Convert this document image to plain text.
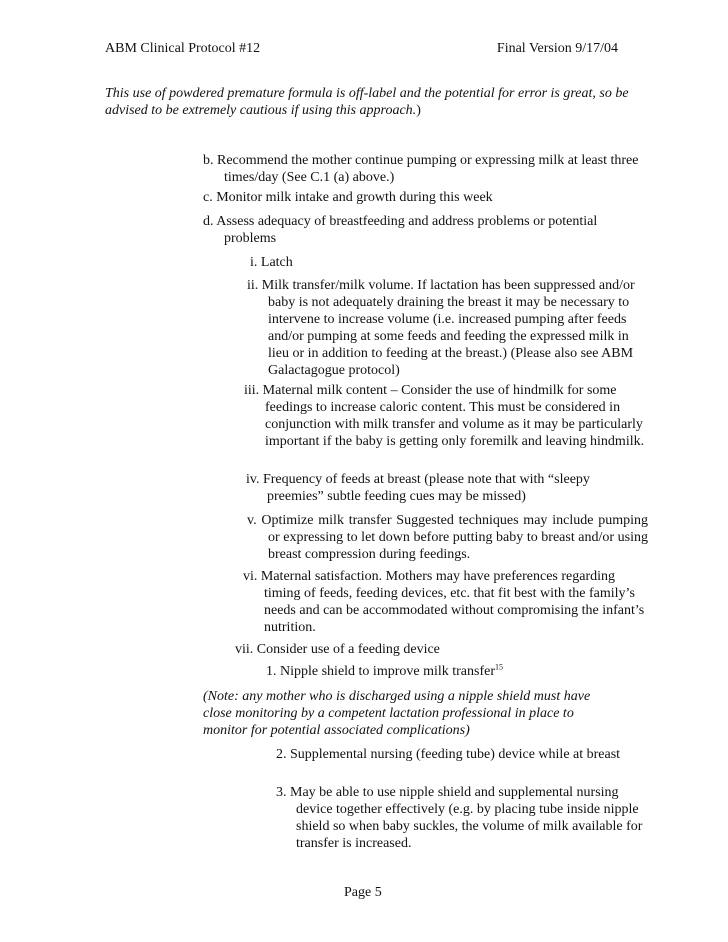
ABM Clinical Protocol #12	Final Version 9/17/04
This use of powdered premature formula is off-label and the potential for error is great, so be advised to be extremely cautious if using this approach.)
b. Recommend the mother continue pumping or expressing milk at least three times/day (See C.1 (a) above.)
c. Monitor milk intake and growth during this week
d. Assess adequacy of breastfeeding and address problems or potential problems
i. Latch
ii. Milk transfer/milk volume. If lactation has been suppressed and/or baby is not adequately draining the breast it may be necessary to intervene to increase volume (i.e. increased pumping after feeds and/or pumping at some feeds and feeding the expressed milk in lieu or in addition to feeding at the breast.) (Please also see ABM Galactagogue protocol)
iii. Maternal milk content – Consider the use of hindmilk for some feedings to increase caloric content. This must be considered in conjunction with milk transfer and volume as it may be particularly important if the baby is getting only foremilk and leaving hindmilk.
iv. Frequency of feeds at breast (please note that with “sleepy preemies” subtle feeding cues may be missed)
v. Optimize milk transfer Suggested techniques may include pumping or expressing to let down before putting baby to breast and/or using breast compression during feedings.
vi. Maternal satisfaction. Mothers may have preferences regarding timing of feeds, feeding devices, etc. that fit best with the family’s needs and can be accommodated without compromising the infant’s nutrition.
vii. Consider use of a feeding device
1. Nipple shield to improve milk transfer$^{15}$
(Note: any mother who is discharged using a nipple shield must have close monitoring by a competent lactation professional in place to monitor for potential associated complications)
2. Supplemental nursing (feeding tube) device while at breast
3. May be able to use nipple shield and supplemental nursing device together effectively (e.g. by placing tube inside nipple shield so when baby suckles, the volume of milk available for transfer is increased.
Page 5
